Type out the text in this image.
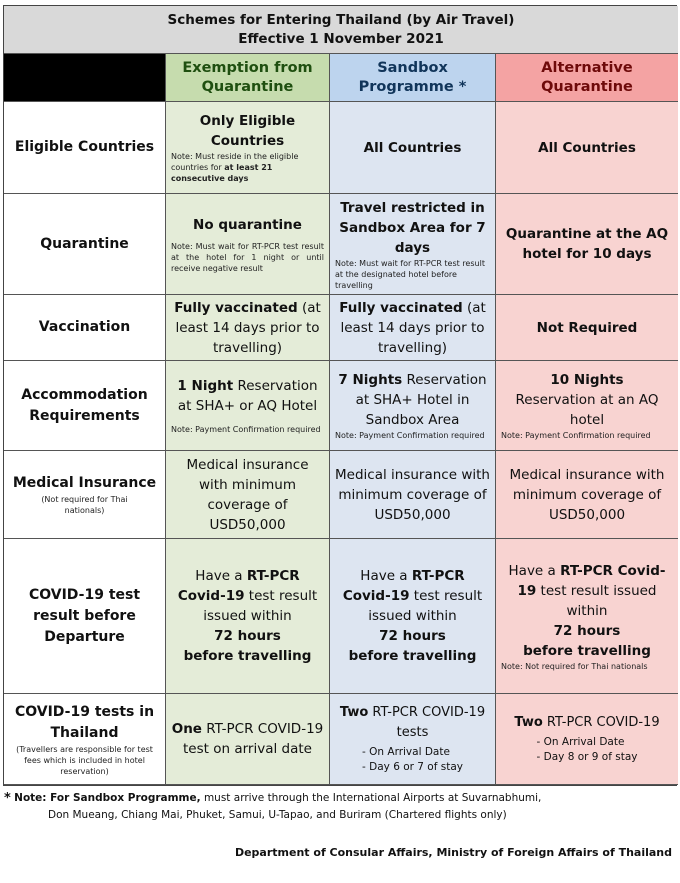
Schemes for Entering Thailand (by Air Travel)
Effective 1 November 2021
Exemption from Quarantine
Sandbox Programme *
Alternative Quarantine
Eligible Countries
Only Eligible Countries
Note: Must reside in the eligible countries for at least 21 consecutive days
All Countries	All Countries
Quarantine
No quarantine
Note: Must wait for RT-PCR test result at the hotel for 1 night or until receive negative result
Travel restricted in Sandbox Area for 7 days
Note: Must wait for RT-PCR test result at the designated hotel before travelling
Quarantine at the AQ hotel for 10 days
Vaccination
Fully vaccinated (at least 14 days prior to travelling)
Fully vaccinated (at least 14 days prior to travelling)
Not Required
Accommodation Requirements
1 Night Reservation at SHA+ or AQ Hotel
Note: Payment Confirmation required
7 Nights Reservation at SHA+ Hotel in Sandbox Area
Note: Payment Confirmation required
10 Nights
Reservation at an AQ hotel
Note: Payment Confirmation required
Medical Insurance
(Not required for Thai nationals)
Medical insurance with minimum coverage of USD50,000
Medical insurance with minimum coverage of USD50,000
Medical insurance with minimum coverage of USD50,000
COVID-19 test result before Departure
Have a RT-PCR Covid-19 test result issued within
72 hours
before travelling
Have a RT-PCR Covid-19 test result issued within
72 hours
before travelling
Have a RT-PCR Covid-19 test result issued within
72 hours
before travelling
Note: Not required for Thai nationals
COVID-19 tests in Thailand
(Travellers are responsible for test fees which is included in hotel reservation)
One RT-PCR COVID-19 test on arrival date
Two RT-PCR COVID-19 tests
- On Arrival Date
- Day 6 or 7 of stay
Two RT-PCR COVID-19
- On Arrival Date
- Day 8 or 9 of stay
* Note: For Sandbox Programme, must arrive through the International Airports at Suvarnabhumi,
Don Mueang, Chiang Mai, Phuket, Samui, U-Tapao, and Buriram (Chartered flights only)
Department of Consular Affairs, Ministry of Foreign Affairs of Thailand
